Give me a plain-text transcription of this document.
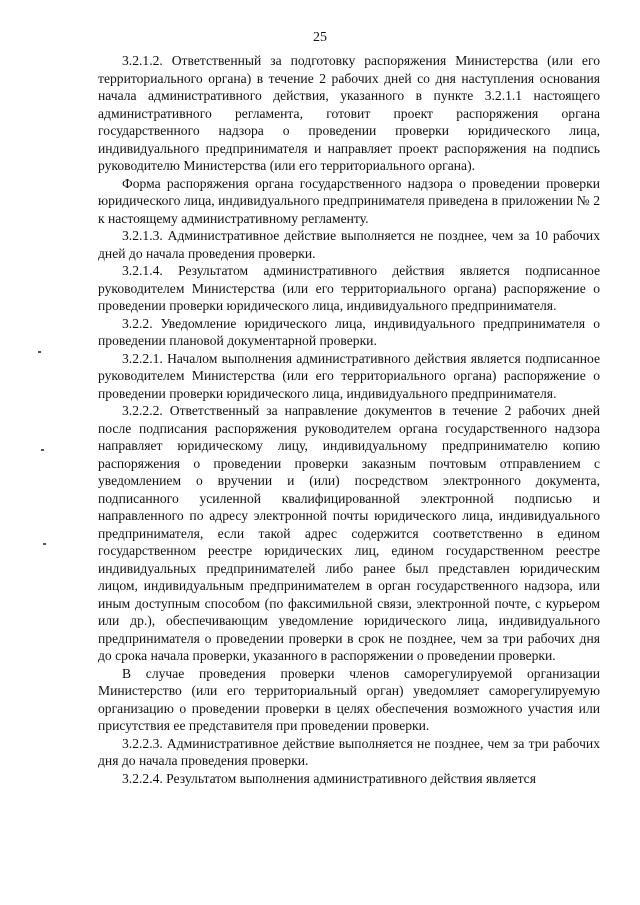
25

3.2.1.2. Ответственный за подготовку распоряжения Министерства (или его территориального органа) в течение 2 рабочих дней со дня наступления основания начала административного действия, указанного в пункте 3.2.1.1 настоящего административного регламента, готовит проект распоряжения органа государственного надзора о проведении проверки юридического лица, индивидуального предпринимателя и направляет проект распоряжения на подпись руководителю Министерства (или его территориального органа).

Форма распоряжения органа государственного надзора о проведении проверки юридического лица, индивидуального предпринимателя приведена в приложении № 2 к настоящему административному регламенту.

3.2.1.3. Административное действие выполняется не позднее, чем за 10 рабочих дней до начала проведения проверки.

3.2.1.4. Результатом административного действия является подписанное руководителем Министерства (или его территориального органа) распоряжение о проведении проверки юридического лица, индивидуального предпринимателя.

3.2.2. Уведомление юридического лица, индивидуального предпринимателя о проведении плановой документарной проверки.

3.2.2.1. Началом выполнения административного действия является подписанное руководителем Министерства (или его территориального органа) распоряжение о проведении проверки юридического лица, индивидуального предпринимателя.

3.2.2.2. Ответственный за направление документов в течение 2 рабочих дней после подписания распоряжения руководителем органа государственного надзора направляет юридическому лицу, индивидуальному предпринимателю копию распоряжения о проведении проверки заказным почтовым отправлением с уведомлением о вручении и (или) посредством электронного документа, подписанного усиленной квалифицированной электронной подписью и направленного по адресу электронной почты юридического лица, индивидуального предпринимателя, если такой адрес содержится соответственно в едином государственном реестре юридических лиц, едином государственном реестре индивидуальных предпринимателей либо ранее был представлен юридическим лицом, индивидуальным предпринимателем в орган государственного надзора, или иным доступным способом (по факсимильной связи, электронной почте, с курьером или др.), обеспечивающим уведомление юридического лица, индивидуального предпринимателя о проведении проверки в срок не позднее, чем за три рабочих дня до срока начала проверки, указанного в распоряжении о проведении проверки.

В случае проведения проверки членов саморегулируемой организации Министерство (или его территориальный орган) уведомляет саморегулируемую организацию о проведении проверки в целях обеспечения возможного участия или присутствия ее представителя при проведении проверки.

3.2.2.3. Административное действие выполняется не позднее, чем за три рабочих дня до начала проведения проверки.

3.2.2.4. Результатом выполнения административного действия является
